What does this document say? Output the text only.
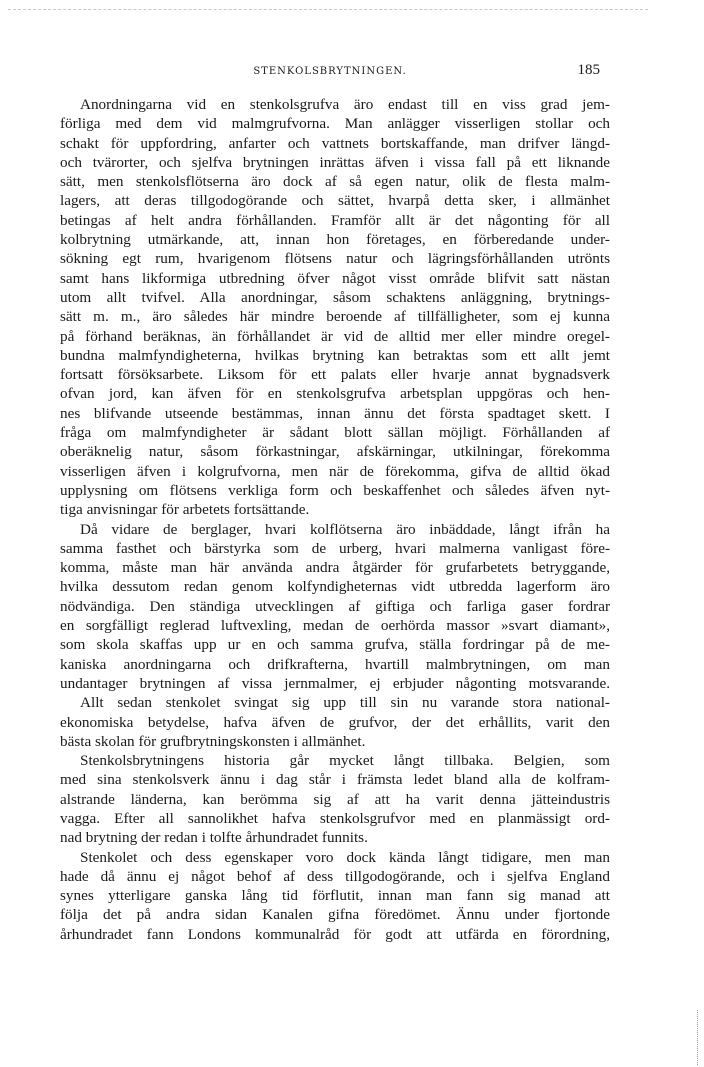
STENKOLSBRYTNINGEN.	185
Anordningarna vid en stenkolsgrufva äro endast till en viss grad jem-
förliga med dem vid malmgrufvorna. Man anlägger visserligen stollar och
schakt för uppfordring, anfarter och vattnets bortskaffande, man drifver längd-
och tvärorter, och sjelfva brytningen inrättas äfven i vissa fall på ett liknande
sätt, men stenkolsflötserna äro dock af så egen natur, olik de flesta malm-
lagers, att deras tillgodogörande och sättet, hvarpå detta sker, i allmänhet
betingas af helt andra förhållanden. Framför allt är det någonting för all
kolbrytning utmärkande, att, innan hon företages, en förberedande under-
sökning egt rum, hvarigenom flötsens natur och lägringsförhållanden utrönts
samt hans likformiga utbredning öfver något visst område blifvit satt nästan
utom allt tvifvel. Alla anordningar, såsom schaktens anläggning, brytnings-
sätt m. m., äro således här mindre beroende af tillfälligheter, som ej kunna
på förhand beräknas, än förhållandet är vid de alltid mer eller mindre oregel-
bundna malmfyndigheterna, hvilkas brytning kan betraktas som ett allt jemt
fortsatt försöksarbete. Liksom för ett palats eller hvarje annat bygnadsverk
ofvan jord, kan äfven för en stenkolsgrufva arbetsplan uppgöras och hen-
nes blifvande utseende bestämmas, innan ännu det första spadtaget skett. I
fråga om malmfyndigheter är sådant blott sällan möjligt. Förhållanden af
oberäknelig natur, såsom förkastningar, afskärningar, utkilningar, förekomma
visserligen äfven i kolgrufvorna, men när de förekomma, gifva de alltid ökad
upplysning om flötsens verkliga form och beskaffenhet och således äfven nyt-
tiga anvisningar för arbetets fortsättande.
Då vidare de berglager, hvari kolflötserna äro inbäddade, långt ifrån ha
samma fasthet och bärstyrka som de urberg, hvari malmerna vanligast före-
komma, måste man här använda andra åtgärder för grufarbetets betryggande,
hvilka dessutom redan genom kolfyndigheternas vidt utbredda lagerform äro
nödvändiga. Den ständiga utvecklingen af giftiga och farliga gaser fordrar
en sorgfälligt reglerad luftvexling, medan de oerhörda massor »svart diamant»,
som skola skaffas upp ur en och samma grufva, ställa fordringar på de me-
kaniska anordningarna och drifkrafterna, hvartill malmbrytningen, om man
undantager brytningen af vissa jernmalmer, ej erbjuder någonting motsvarande.
Allt sedan stenkolet svingat sig upp till sin nu varande stora national-
ekonomiska betydelse, hafva äfven de grufvor, der det erhållits, varit den
bästa skolan för grufbrytningskonsten i allmänhet.
Stenkolsbrytningens historia går mycket långt tillbaka. Belgien, som
med sina stenkolsverk ännu i dag står i främsta ledet bland alla de kolfram-
alstrande länderna, kan berömma sig af att ha varit denna jätteindustris
vagga. Efter all sannolikhet hafva stenkolsgrufvor med en planmässigt ord-
nad brytning der redan i tolfte århundradet funnits.
Stenkolet och dess egenskaper voro dock kända långt tidigare, men man
hade då ännu ej något behof af dess tillgodogörande, och i sjelfva England
synes ytterligare ganska lång tid förflutit, innan man fann sig manad att
följa det på andra sidan Kanalen gifna föredömet. Ännu under fjortonde
århundradet fann Londons kommunalråd för godt att utfärda en förordning,
